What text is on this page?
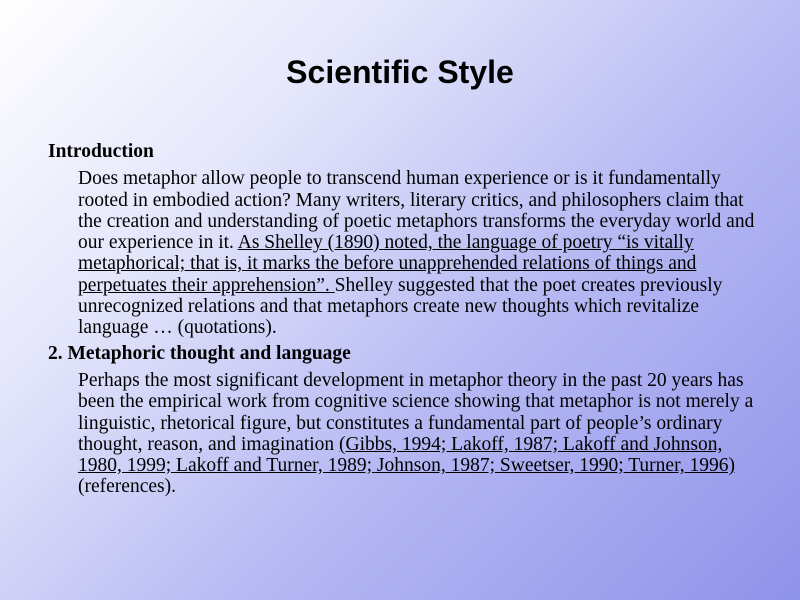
Scientific Style
Introduction

Does metaphor allow people to transcend human experience or is it fundamentally rooted in embodied action? Many writers, literary critics, and philosophers claim that the creation and understanding of poetic metaphors transforms the everyday world and our experience in it. As Shelley (1890) noted, the language of poetry “is vitally metaphorical; that is, it marks the before unapprehended relations of things and perpetuates their apprehension”. Shelley suggested that the poet creates previously unrecognized relations and that metaphors create new thoughts which revitalize language … (quotations).

2. Metaphoric thought and language

Perhaps the most significant development in metaphor theory in the past 20 years has been the empirical work from cognitive science showing that metaphor is not merely a linguistic, rhetorical figure, but constitutes a fundamental part of people’s ordinary thought, reason, and imagination (Gibbs, 1994; Lakoff, 1987; Lakoff and Johnson, 1980, 1999; Lakoff and Turner, 1989; Johnson, 1987; Sweetser, 1990; Turner, 1996) (references).
